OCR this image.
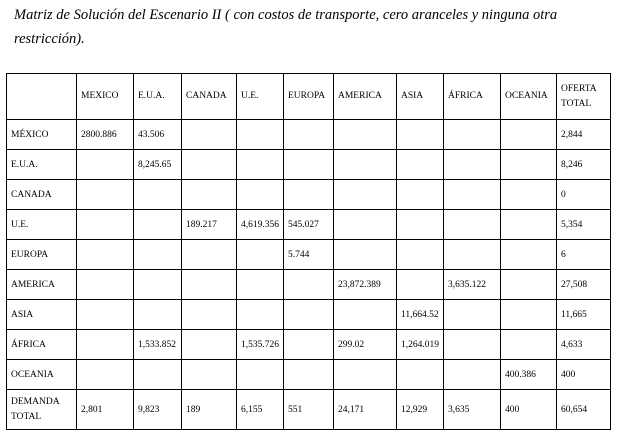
Matriz de Solución del Escenario II ( con costos de transporte, cero aranceles y ninguna otra restricción).

	MEXICO	E.U.A.	CANADA	U.E.	EUROPA	AMERICA	ASIA	ÁFRICA	OCEANIA	OFERTA TOTAL
MÉXICO	2800.886	43.506								2,844
E.U.A.		8,245.65								8,246
CANADA										0
U.E.			189.217	4,619.356	545.027					5,354
EUROPA					5.744					6
AMERICA						23,872.389		3,635.122		27,508
ASIA							11,664.52			11,665
ÁFRICA		1,533.852		1,535.726		299.02	1,264.019			4,633
OCEANIA									400.386	400
DEMANDA TOTAL	2,801	9,823	189	6,155	551	24,171	12,929	3,635	400	60,654
